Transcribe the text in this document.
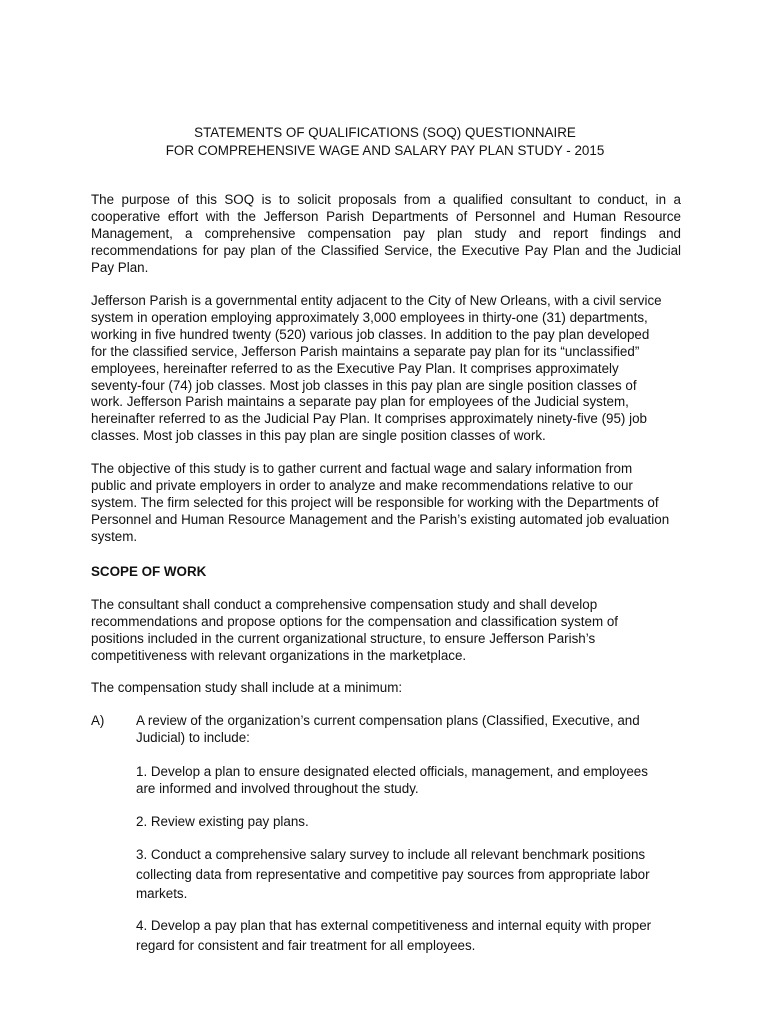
STATEMENTS OF QUALIFICATIONS (SOQ) QUESTIONNAIRE
FOR COMPREHENSIVE WAGE AND SALARY PAY PLAN STUDY - 2015
The purpose of this SOQ is to solicit proposals from a qualified consultant to conduct, in a
cooperative effort with the Jefferson Parish Departments of Personnel and Human Resource
Management, a comprehensive compensation pay plan study and report findings and
recommendations for pay plan of the Classified Service, the Executive Pay Plan and the Judicial
Pay Plan.
Jefferson Parish is a governmental entity adjacent to the City of New Orleans, with a civil service
system in operation employing approximately 3,000 employees in thirty-one (31) departments,
working in five hundred twenty (520) various job classes. In addition to the pay plan developed
for the classified service, Jefferson Parish maintains a separate pay plan for its “unclassified”
employees, hereinafter referred to as the Executive Pay Plan. It comprises approximately
seventy-four (74) job classes. Most job classes in this pay plan are single position classes of
work. Jefferson Parish maintains a separate pay plan for employees of the Judicial system,
hereinafter referred to as the Judicial Pay Plan. It comprises approximately ninety-five (95) job
classes. Most job classes in this pay plan are single position classes of work.
The objective of this study is to gather current and factual wage and salary information from
public and private employers in order to analyze and make recommendations relative to our
system. The firm selected for this project will be responsible for working with the Departments of
Personnel and Human Resource Management and the Parish’s existing automated job evaluation
system.
SCOPE OF WORK
The consultant shall conduct a comprehensive compensation study and shall develop
recommendations and propose options for the compensation and classification system of
positions included in the current organizational structure, to ensure Jefferson Parish’s
competitiveness with relevant organizations in the marketplace.
The compensation study shall include at a minimum:
A) A review of the organization’s current compensation plans (Classified, Executive, and
Judicial) to include:
1. Develop a plan to ensure designated elected officials, management, and employees
are informed and involved throughout the study.
2. Review existing pay plans.
3. Conduct a comprehensive salary survey to include all relevant benchmark positions
collecting data from representative and competitive pay sources from appropriate labor
markets.
4. Develop a pay plan that has external competitiveness and internal equity with proper
regard for consistent and fair treatment for all employees.
